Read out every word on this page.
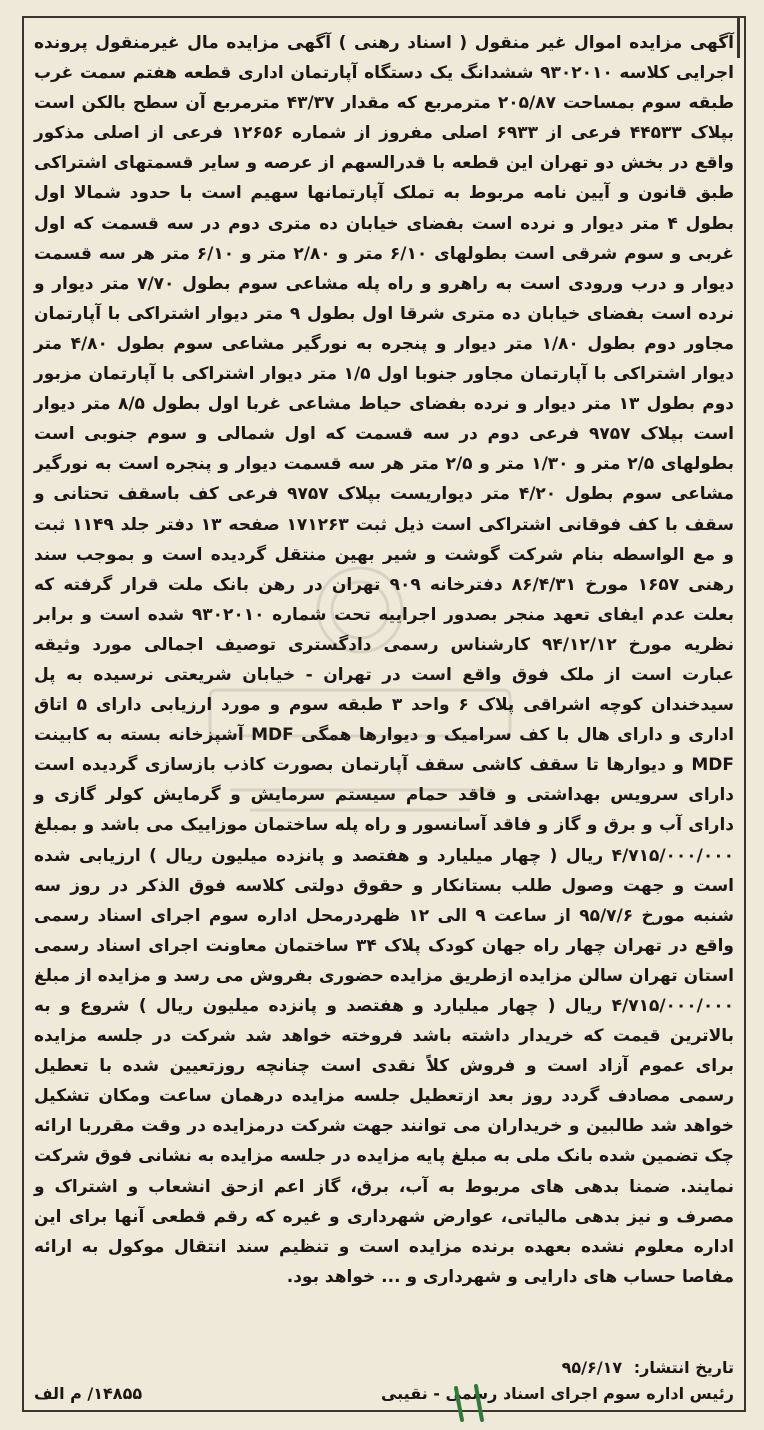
آگهی مزایده اموال غیر منقول ( اسناد رهنی ) آگهی مزایده مال غیرمنقول پرونده اجرایی کلاسه ۹۳۰۲۰۱۰ ششدانگ یک دستگاه آپارتمان اداری قطعه هفتم سمت غرب طبقه سوم بمساحت ۲۰۵/۸۷ مترمربع که مقدار ۴۳/۳۷ مترمربع آن سطح بالکن است بپلاک ۴۴۵۳۳ فرعی از ۶۹۳۳ اصلی مفروز از شماره ۱۲۶۵۶ فرعی از اصلی مذکور واقع در بخش دو تهران این قطعه با قدرالسهم از عرصه و سایر قسمتهای اشتراکی طبق قانون و آیین نامه مربوط به تملک آپارتمانها سهیم است با حدود شمالا اول بطول ۴ متر دیوار و نرده است بفضای خیابان ده متری دوم در سه قسمت که اول غربی و سوم شرقی است بطولهای ۶/۱۰ متر و ۲/۸۰ متر و ۶/۱۰ متر هر سه قسمت دیوار و درب ورودی است به راهرو و راه پله مشاعی سوم بطول ۷/۷۰ متر دیوار و نرده است بفضای خیابان ده متری شرقا اول بطول ۹ متر دیوار اشتراکی با آپارتمان مجاور دوم بطول ۱/۸۰ متر دیوار و پنجره به نورگیر مشاعی سوم بطول ۴/۸۰ متر دیوار اشتراکی با آپارتمان مجاور جنوبا اول ۱/۵ متر دیوار اشتراکی با آپارتمان مزبور دوم بطول ۱۳ متر دیوار و نرده بفضای حیاط مشاعی غربا اول بطول ۸/۵ متر دیوار است بپلاک ۹۷۵۷ فرعی دوم در سه قسمت که اول شمالی و سوم جنوبی است بطولهای ۲/۵ متر و ۱/۳۰ متر و ۲/۵ متر هر سه قسمت دیوار و پنجره است به نورگیر مشاعی سوم بطول ۴/۲۰ متر دیواریست بپلاک ۹۷۵۷ فرعی کف باسقف تحتانی و سقف با کف فوقانی اشتراکی است ذیل ثبت ۱۷۱۲۶۳ صفحه ۱۳ دفتر جلد ۱۱۴۹ ثبت و مع الواسطه بنام شرکت گوشت و شیر بهین منتقل گردیده است و بموجب سند رهنی ۱۶۵۷ مورخ ۸۶/۴/۳۱ دفترخانه ۹۰۹ تهران در رهن بانک ملت قرار گرفته که بعلت عدم ایفای تعهد منجر بصدور اجراییه تحت شماره ۹۳۰۲۰۱۰ شده است و برابر نظریه مورخ ۹۴/۱۲/۱۲ کارشناس رسمی دادگستری توصیف اجمالی مورد وثیقه عبارت است از ملک فوق واقع است در تهران - خیابان شریعتی نرسیده به پل سیدخندان کوچه اشراقی پلاک ۶ واحد ۳ طبقه سوم و مورد ارزیابی دارای ۵ اتاق اداری و دارای هال با کف سرامیک و دیوارها همگی MDF آشپزخانه بسته به کابینت MDF و دیوارها تا سقف کاشی سقف آپارتمان بصورت کاذب بازسازی گردیده است دارای سرویس بهداشتی و فاقد حمام سیستم سرمایش و گرمایش کولر گازی و دارای آب و برق و گاز و فاقد آسانسور و راه پله ساختمان موزاییک می باشد و بمبلغ ۴/۷۱۵/۰۰۰/۰۰۰ ریال ( چهار میلیارد و هفتصد و پانزده میلیون ریال ) ارزیابی شده است و جهت وصول طلب بستانکار و حقوق دولتی کلاسه فوق الذکر در روز سه شنبه مورخ ۹۵/۷/۶ از ساعت ۹ الی ۱۲ ظهردرمحل اداره سوم اجرای اسناد رسمی واقع در تهران چهار راه جهان کودک پلاک ۳۴ ساختمان معاونت اجرای اسناد رسمی استان تهران سالن مزایده ازطریق مزایده حضوری بفروش می رسد و مزایده از مبلغ ۴/۷۱۵/۰۰۰/۰۰۰ ریال ( چهار میلیارد و هفتصد و پانزده میلیون ریال ) شروع و به بالاترین قیمت که خریدار داشته باشد فروخته خواهد شد شرکت در جلسه مزایده برای عموم آزاد است و فروش کلاً نقدی است چنانچه روزتعیین شده با تعطیل رسمی مصادف گردد روز بعد ازتعطیل جلسه مزایده درهمان ساعت ومکان تشکیل خواهد شد طالبین و خریداران می توانند جهت شرکت درمزایده در وقت مقرربا ارائه چک تضمین شده بانک ملی به مبلغ پایه مزایده در جلسه مزایده به نشانی فوق شرکت نمایند. ضمنا بدهی های مربوط به آب، برق، گاز اعم ازحق انشعاب و اشتراک و مصرف و نیز بدهی مالیاتی، عوارض شهرداری و غیره که رقم قطعی آنها برای این اداره معلوم نشده بعهده برنده مزایده است و تنظیم سند انتقال موکول به ارائه مفاصا حساب های دارایی و شهرداری و ... خواهد بود.

تاریخ انتشار: ۹۵/۶/۱۷
رئیس اداره سوم اجرای اسناد رسمی - نقیبی
۱۴۸۵۵/ م الف
